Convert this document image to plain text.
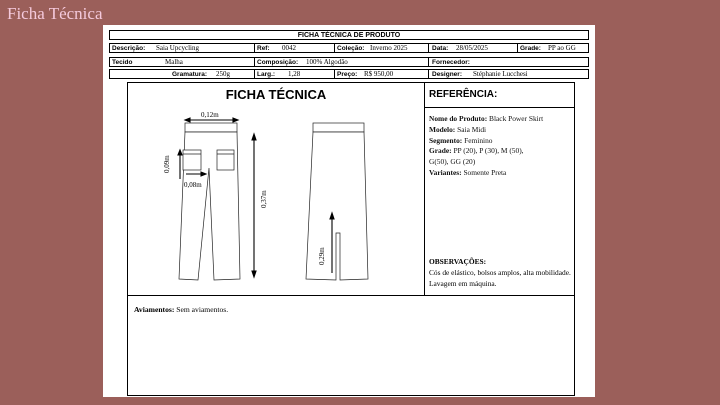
Ficha Técnica
FICHA TÉCNICA DE PRODUTO
Descrição: Saia Upcycling	Ref: 0042	Coleção: Inverno 2025	Data: 28/05/2025	Grade: PP ao GG
Tecido	Malha	Composição: 100% Algodão	Fornecedor:
Gramatura: 250g	Larg.: 1,28	Preço: R$ 950,00	Designer: Stéphanie Lucchesi
FICHA TÉCNICA	REFERÊNCIA:
0,12m
0,09m
0,08m
0,37m
0,29m
Nome do Produto: Black Power Skirt
Modelo: Saia Midi
Segmento: Feminino
Grade: PP (20), P (30), M (50),
G(50), GG (20)
Variantes: Somente Preta
OBSERVAÇÕES:
Cós de elástico, bolsos amplos, alta mobilidade. Lavagem em máquina.
Aviamentos: Sem aviamentos.
